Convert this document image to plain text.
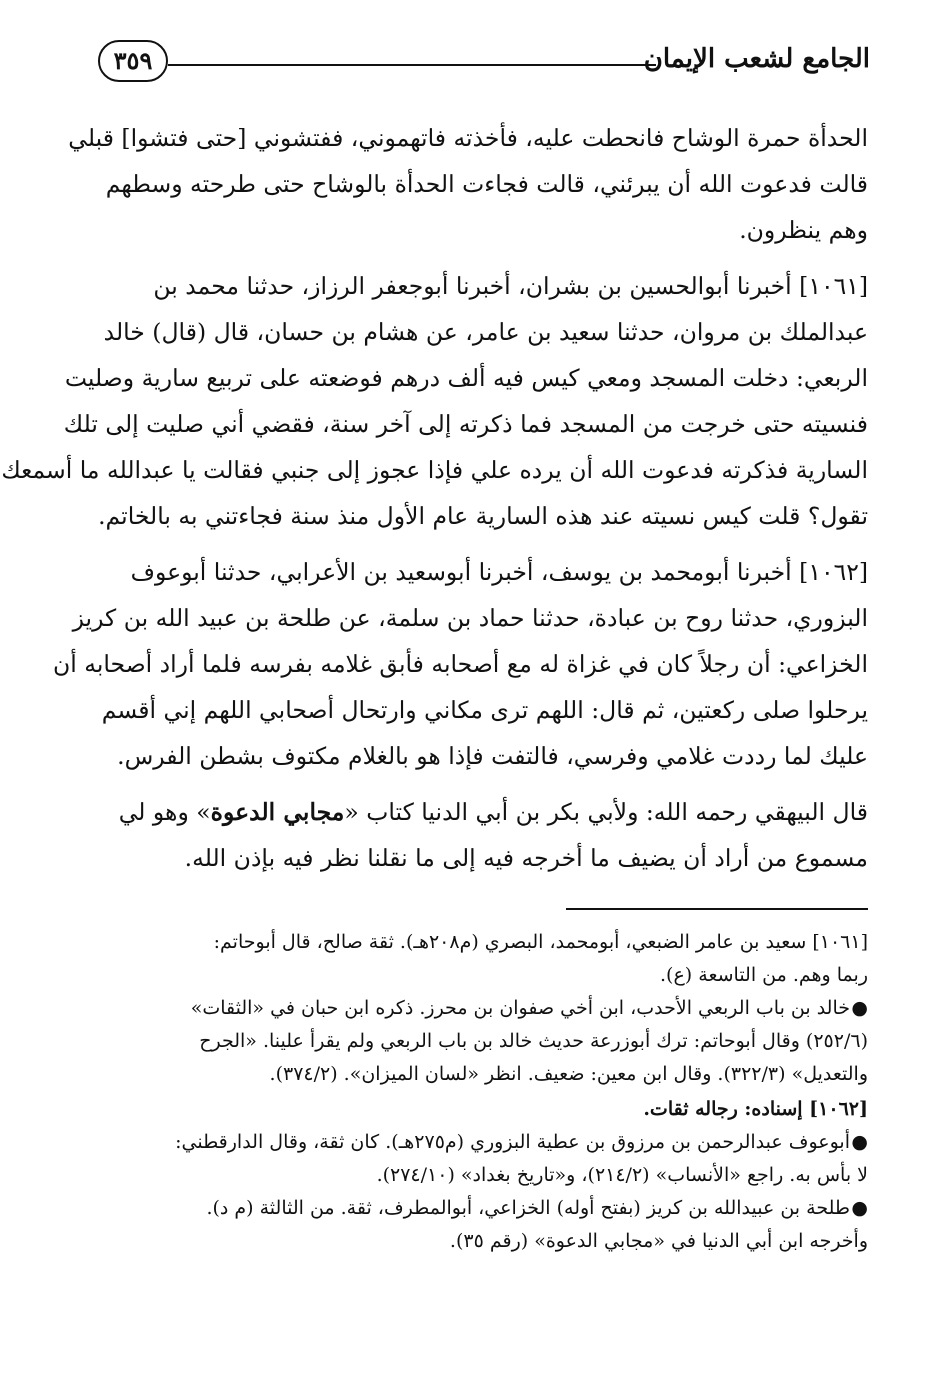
الجامع لشعب الإيمان
٣٥٩
الحدأة حمرة الوشاح فانحطت عليه، فأخذته فاتهموني، ففتشوني [حتى فتشوا] قبلي
قالت فدعوت الله أن يبرئني، قالت فجاءت الحدأة بالوشاح حتى طرحته وسطهم
وهم ينظرون.
[١٠٦١] أخبرنا أبوالحسين بن بشران، أخبرنا أبوجعفر الرزاز، حدثنا محمد بن
عبدالملك بن مروان، حدثنا سعيد بن عامر، عن هشام بن حسان، قال (قال) خالد
الربعي: دخلت المسجد ومعي كيس فيه ألف درهم فوضعته على تربيع سارية وصليت
فنسيته حتى خرجت من المسجد فما ذكرته إلى آخر سنة، فقضي أني صليت إلى تلك
السارية فذكرته فدعوت الله أن يرده علي فإذا عجوز إلى جنبي فقالت يا عبدالله ما أسمعك
تقول؟ قلت كيس نسيته عند هذه السارية عام الأول منذ سنة فجاءتني به بالخاتم.
[١٠٦٢] أخبرنا أبومحمد بن يوسف، أخبرنا أبوسعيد بن الأعرابي، حدثنا أبوعوف
البزوري، حدثنا روح بن عبادة، حدثنا حماد بن سلمة، عن طلحة بن عبيد الله بن كريز
الخزاعي: أن رجلاً كان في غزاة له مع أصحابه فأبق غلامه بفرسه فلما أراد أصحابه أن
يرحلوا صلى ركعتين، ثم قال: اللهم ترى مكاني وارتحال أصحابي اللهم إني أقسم
عليك لما رددت غلامي وفرسي، فالتفت فإذا هو بالغلام مكتوف بشطن الفرس.
قال البيهقي رحمه الله: ولأبي بكر بن أبي الدنيا كتاب «مجابي الدعوة» وهو لي
مسموع من أراد أن يضيف ما أخرجه فيه إلى ما نقلنا نظر فيه بإذن الله.
[١٠٦١] سعيد بن عامر الضبعي، أبومحمد، البصري (م٢٠٨هـ). ثقة صالح، قال أبوحاتم:
ربما وهم. من التاسعة (ع).
●خالد بن باب الربعي الأحدب، ابن أخي صفوان بن محرز. ذكره ابن حبان في «الثقات»
(٢٥٢/٦) وقال أبوحاتم: ترك أبوزرعة حديث خالد بن باب الربعي ولم يقرأ علينا. «الجرح
والتعديل» (٣٢٢/٣). وقال ابن معين: ضعيف. انظر «لسان الميزان». (٣٧٤/٢).
[١٠٦٢] إسناده: رجاله ثقات.
●أبوعوف عبدالرحمن بن مرزوق بن عطية البزوري (م٢٧٥هـ). كان ثقة، وقال الدارقطني:
لا بأس به. راجع «الأنساب» (٢١٤/٢)، و«تاريخ بغداد» (٢٧٤/١٠).
●طلحة بن عبيدالله بن كريز (بفتح أوله) الخزاعي، أبوالمطرف، ثقة. من الثالثة (م د).
وأخرجه ابن أبي الدنيا في «مجابي الدعوة» (رقم ٣٥).
